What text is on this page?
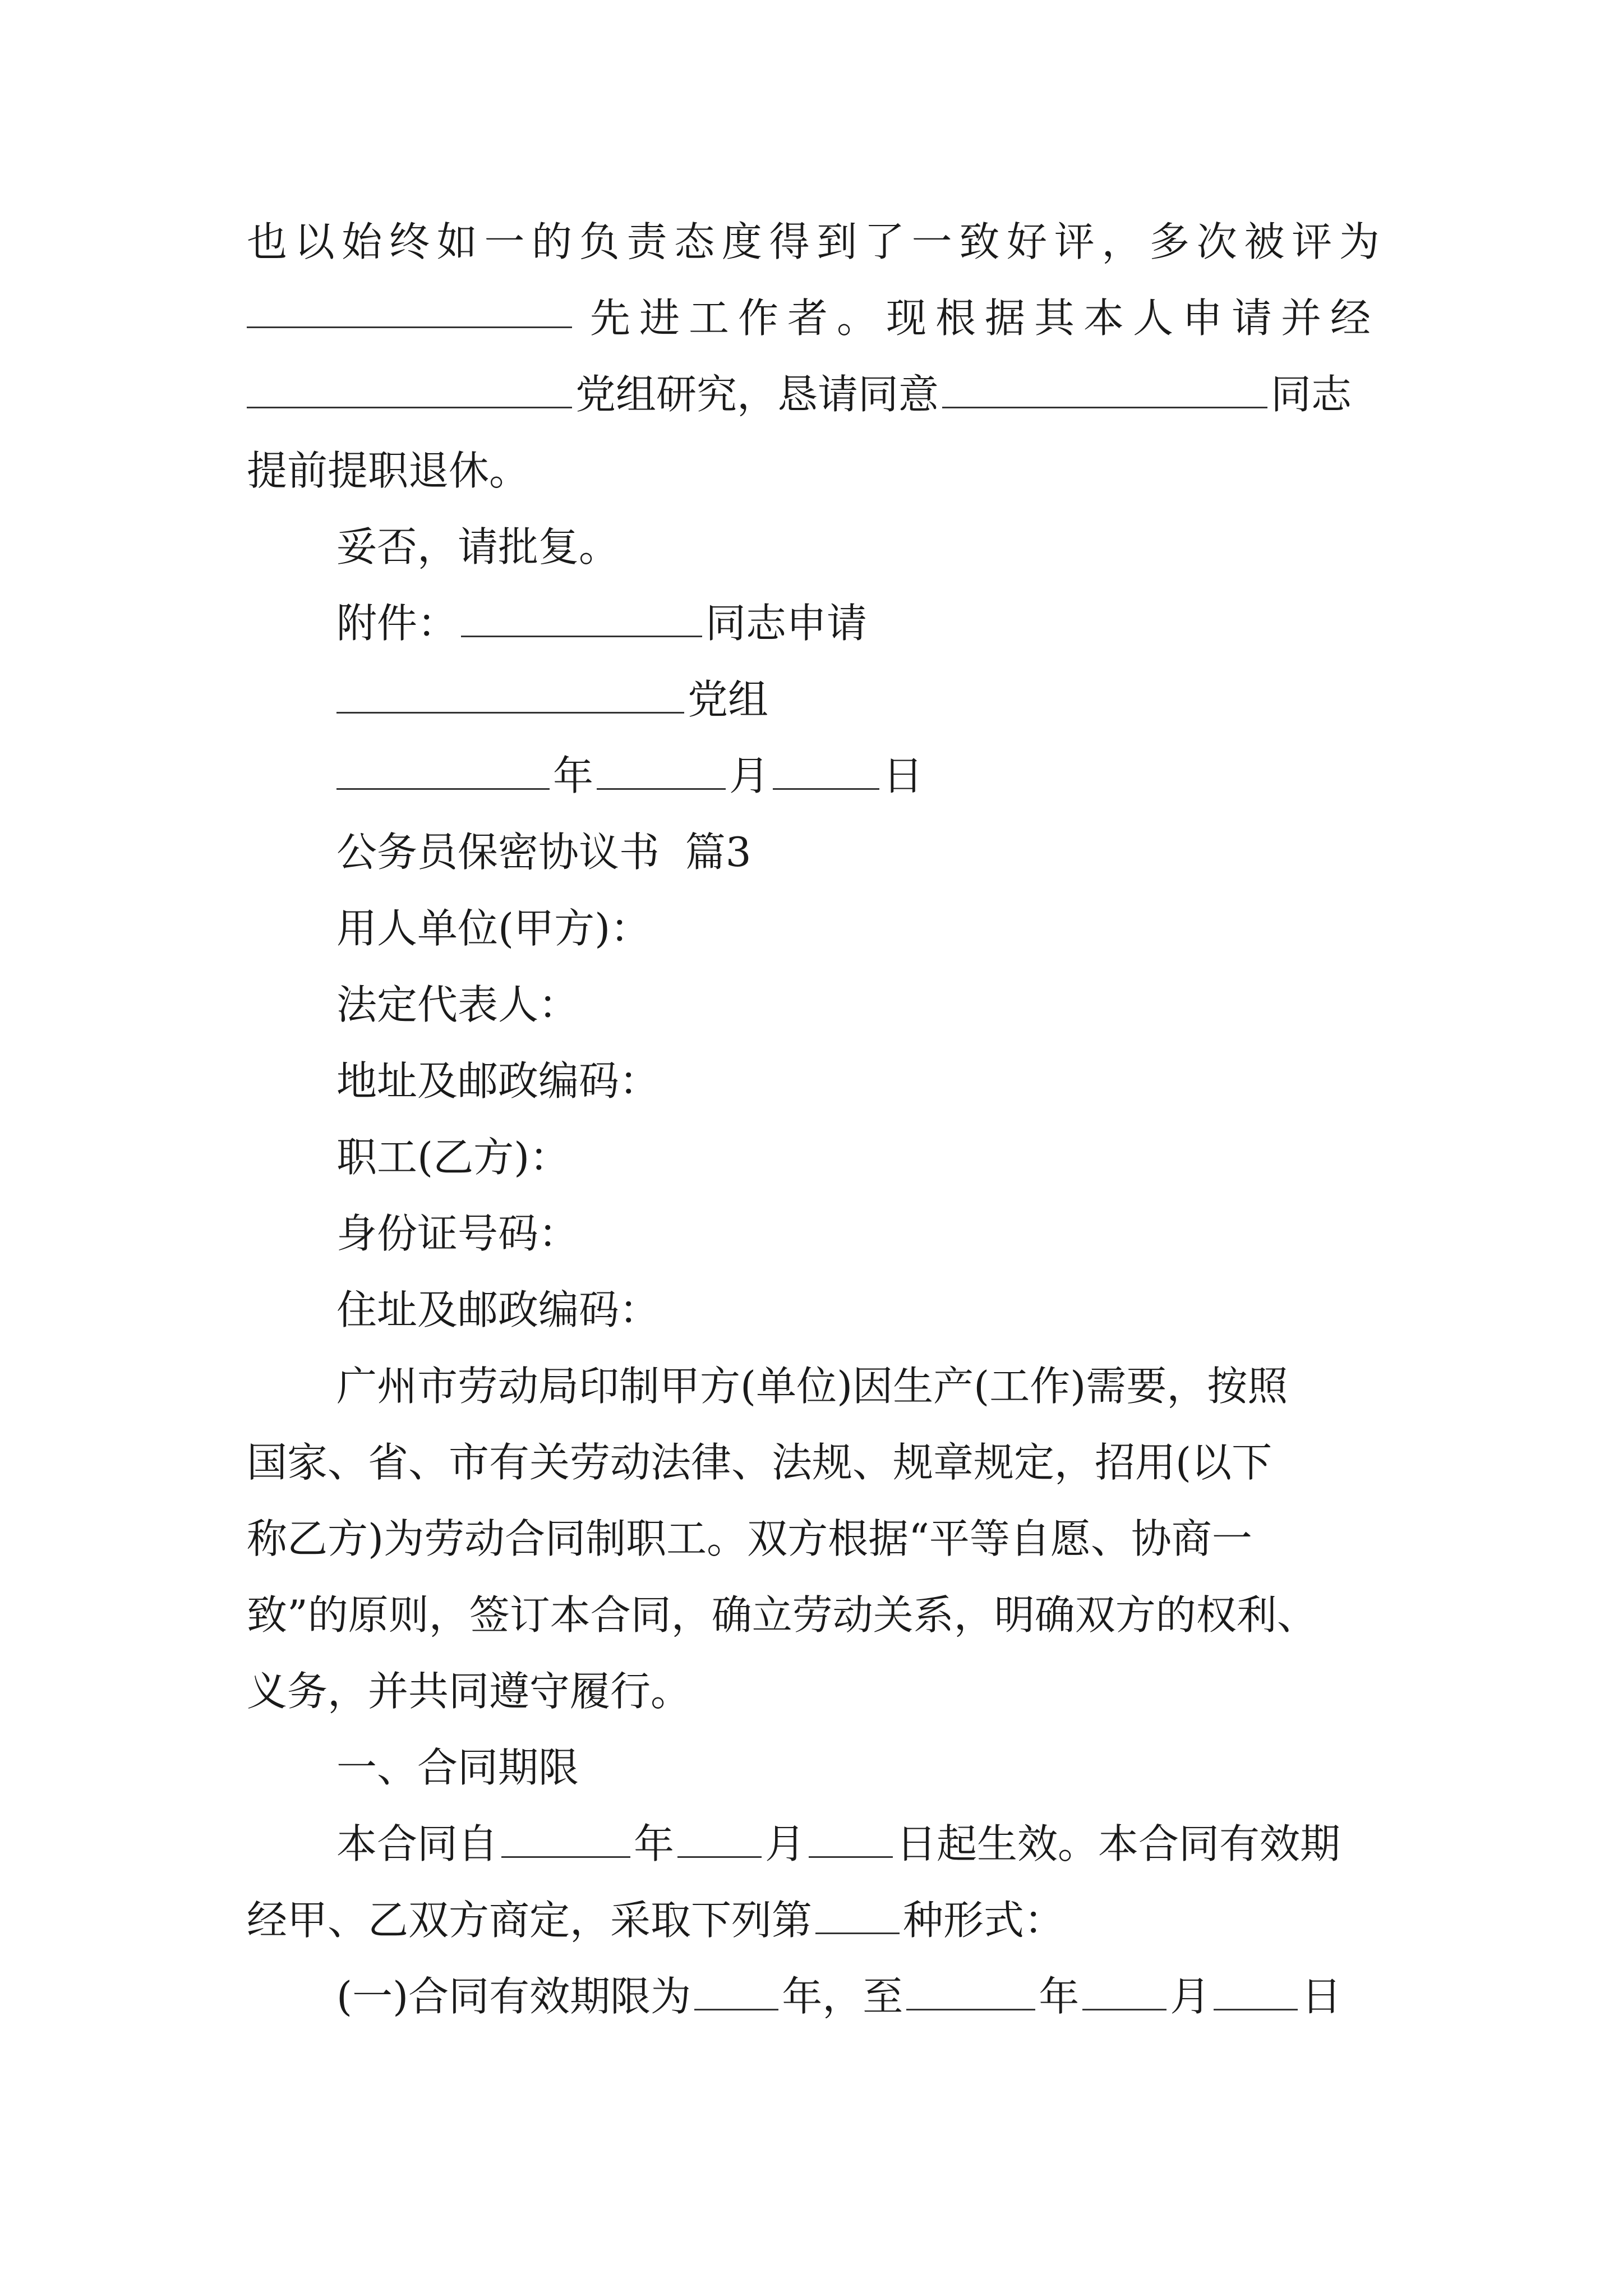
也 以 始 终 如 一 的 负 责 态 度 得 到 了 一 致 好 评 ， 多 次 被 评 为
先进工作者。现根据其本人申请并经
党组研究，恳请同意	同志
提前提职退休。
妥否，请批复。
附件：	同志申请
党组
年	月	日
公务员保密协议书  篇3
用人单位(甲方)：
法定代表人：
地址及邮政编码：
职工(乙方)：
身份证号码：
住址及邮政编码：
广州市劳动局印制甲方(单位)因生产(工作)需要，按照
国家、省、市有关劳动法律、法规、规章规定，招用(以下
称乙方)为劳动合同制职工。双方根据“平等自愿、协商一
致”的原则，签订本合同，确立劳动关系，明确双方的权利、
义务，并共同遵守履行。
一、合同期限
本合同自	年 月 日起生效。本合同有效期
经甲、乙双方商定，采取下列第 种形式：
(一)合同有效期限为 年，至	年 月 日
